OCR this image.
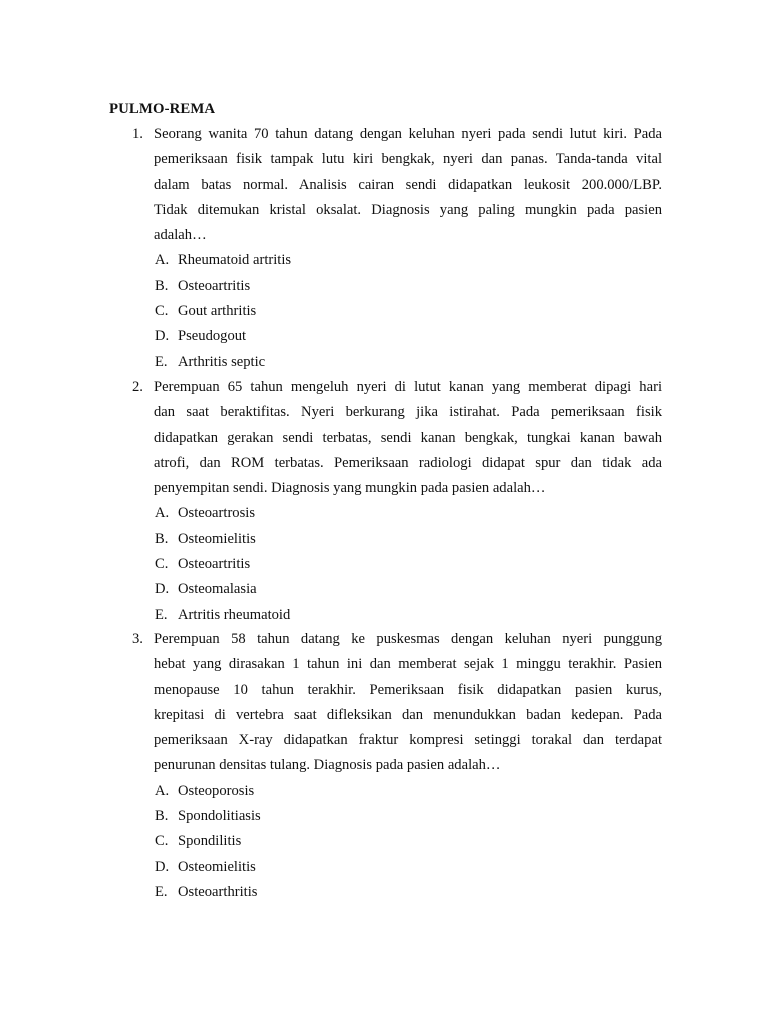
PULMO-REMA
1. Seorang wanita 70 tahun datang dengan keluhan nyeri pada sendi lutut kiri. Pada
pemeriksaan fisik tampak lutu kiri bengkak, nyeri dan panas. Tanda-tanda vital
dalam batas normal. Analisis cairan sendi didapatkan leukosit 200.000/LBP.
Tidak ditemukan kristal oksalat. Diagnosis yang paling mungkin pada pasien
adalah…
A. Rheumatoid artritis
B. Osteoartritis
C. Gout arthritis
D. Pseudogout
E. Arthritis septic
2. Perempuan 65 tahun mengeluh nyeri di lutut kanan yang memberat dipagi hari
dan saat beraktifitas. Nyeri berkurang jika istirahat. Pada pemeriksaan fisik
didapatkan gerakan sendi terbatas, sendi kanan bengkak, tungkai kanan bawah
atrofi, dan ROM terbatas. Pemeriksaan radiologi didapat spur dan tidak ada
penyempitan sendi. Diagnosis yang mungkin pada pasien adalah…
A. Osteoartrosis
B. Osteomielitis
C. Osteoartritis
D. Osteomalasia
E. Artritis rheumatoid
3. Perempuan 58 tahun datang ke puskesmas dengan keluhan nyeri punggung
hebat yang dirasakan 1 tahun ini dan memberat sejak 1 minggu terakhir. Pasien
menopause 10 tahun terakhir. Pemeriksaan fisik didapatkan pasien kurus,
krepitasi di vertebra saat difleksikan dan menundukkan badan kedepan. Pada
pemeriksaan X-ray didapatkan fraktur kompresi setinggi torakal dan terdapat
penurunan densitas tulang. Diagnosis pada pasien adalah…
A. Osteoporosis
B. Spondolitiasis
C. Spondilitis
D. Osteomielitis
E. Osteoarthritis
